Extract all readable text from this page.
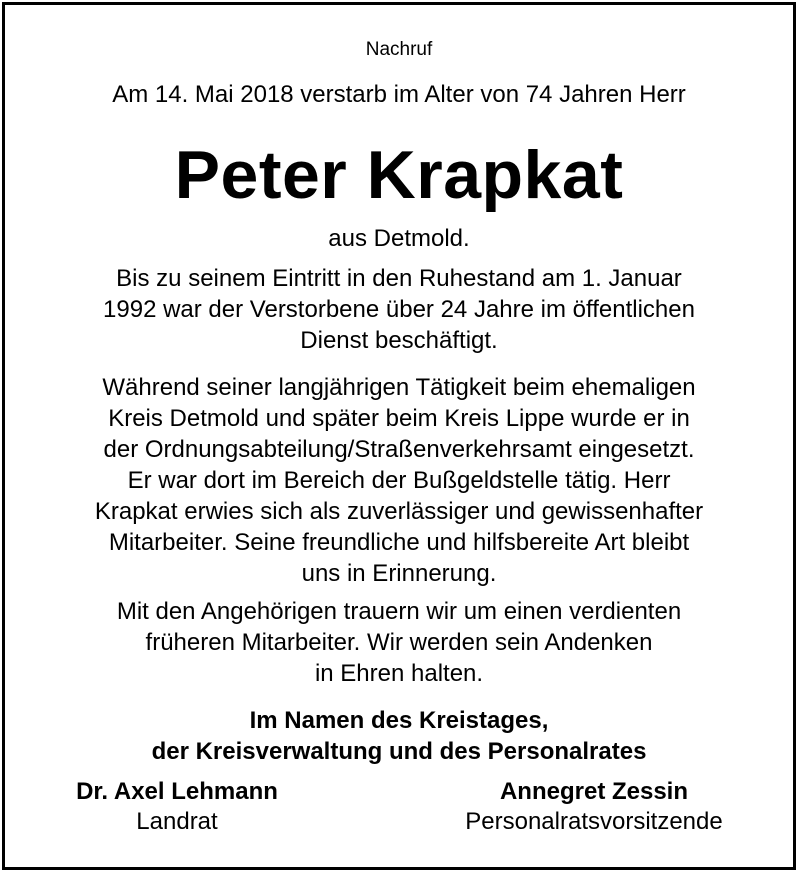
Nachruf
Am 14. Mai 2018 verstarb im Alter von 74 Jahren Herr
Peter Krapkat
aus Detmold.
Bis zu seinem Eintritt in den Ruhestand am 1. Januar
1992 war der Verstorbene über 24 Jahre im öffentlichen
Dienst beschäftigt.
Während seiner langjährigen Tätigkeit beim ehemaligen
Kreis Detmold und später beim Kreis Lippe wurde er in
der Ordnungsabteilung/Straßenverkehrsamt eingesetzt.
Er war dort im Bereich der Bußgeldstelle tätig. Herr
Krapkat erwies sich als zuverlässiger und gewissenhafter
Mitarbeiter. Seine freundliche und hilfsbereite Art bleibt
uns in Erinnerung.
Mit den Angehörigen trauern wir um einen verdienten
früheren Mitarbeiter. Wir werden sein Andenken
in Ehren halten.
Im Namen des Kreistages,
der Kreisverwaltung und des Personalrates
Dr. Axel Lehmann
Landrat
Annegret Zessin
Personalratsvorsitzende
